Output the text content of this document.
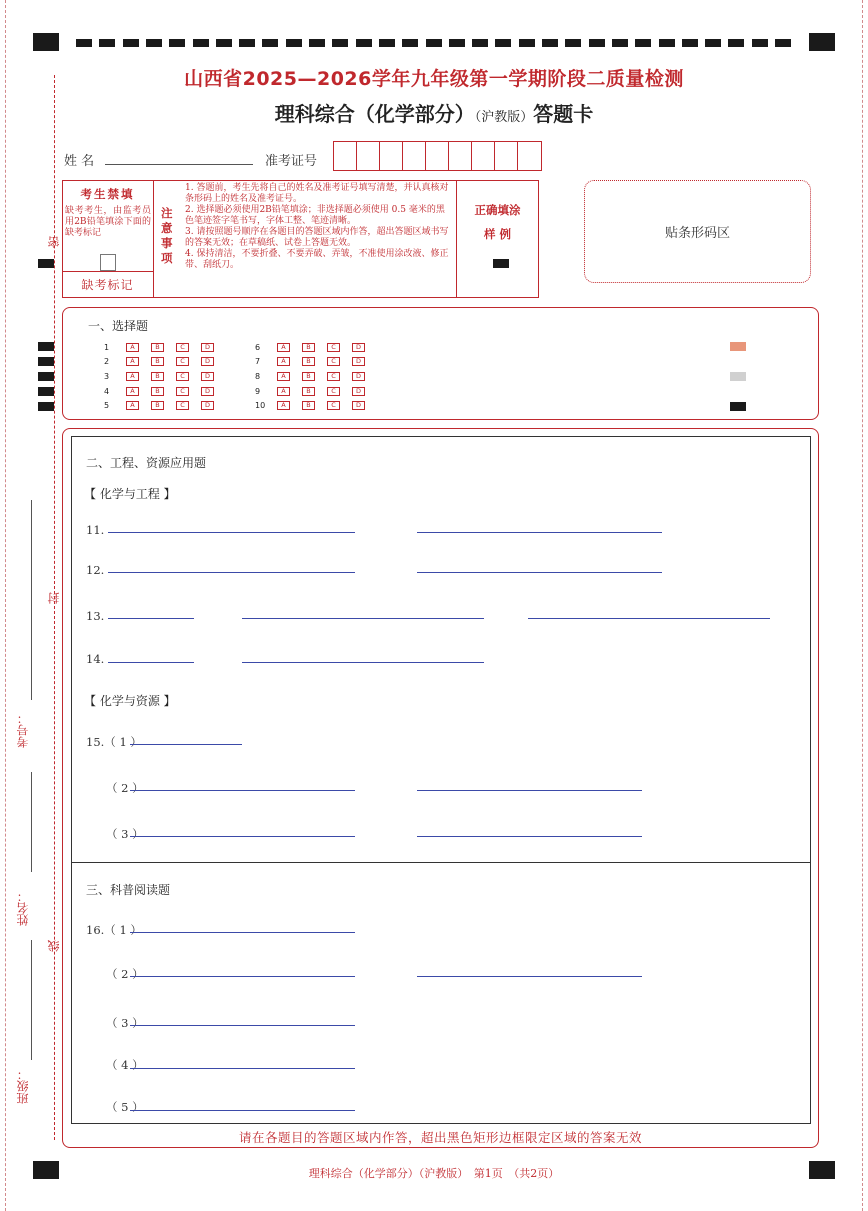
密
封
线
考号：
姓名：
班级：
山西省2025—2026学年九年级第一学期阶段二质量检测
理科综合（化学部分）（沪教版）答题卡
姓 名	准考证号
考生禁填
缺考考生，由监考员用2B铅笔填涂下面的缺考标记
缺考标记
注意事项
1. 答题前，考生先将自己的姓名及准考证号填写清楚，并认真核对条形码上的姓名及准考证号。
2. 选择题必须使用2B铅笔填涂；非选择题必须使用 0.5 毫米的黑色笔迹签字笔书写，字体工整、笔迹清晰。
3. 请按照题号顺序在各题目的答题区域内作答，超出答题区域书写的答案无效；在草稿纸、试卷上答题无效。
4. 保持清洁，不要折叠、不要弄破、弄皱，不准使用涂改液、修正带、刮纸刀。
正确填涂
样 例	贴条形码区
一、选择题
1	A	B	C	D
2	A	B	C	D
3	A	B	C	D
4	A	B	C	D
5	A	B	C	D
6	A	B	C	D
7	A	B	C	D
8	A	B	C	D
9	A	B	C	D
10	A	B	C	D
二、工程、资源应用题
【 化学与工程 】
11.
12.
13.
14.
【 化学与资源 】
15.（ 1 ）
（ 2 ）
（ 3 ）
三、科普阅读题
16.（ 1 ）
（ 2 ）
（ 3 ）
（ 4 ）
（ 5 ）
请在各题目的答题区域内作答，超出黑色矩形边框限定区域的答案无效
理科综合（化学部分）（沪教版）　第1页　（共2页）
